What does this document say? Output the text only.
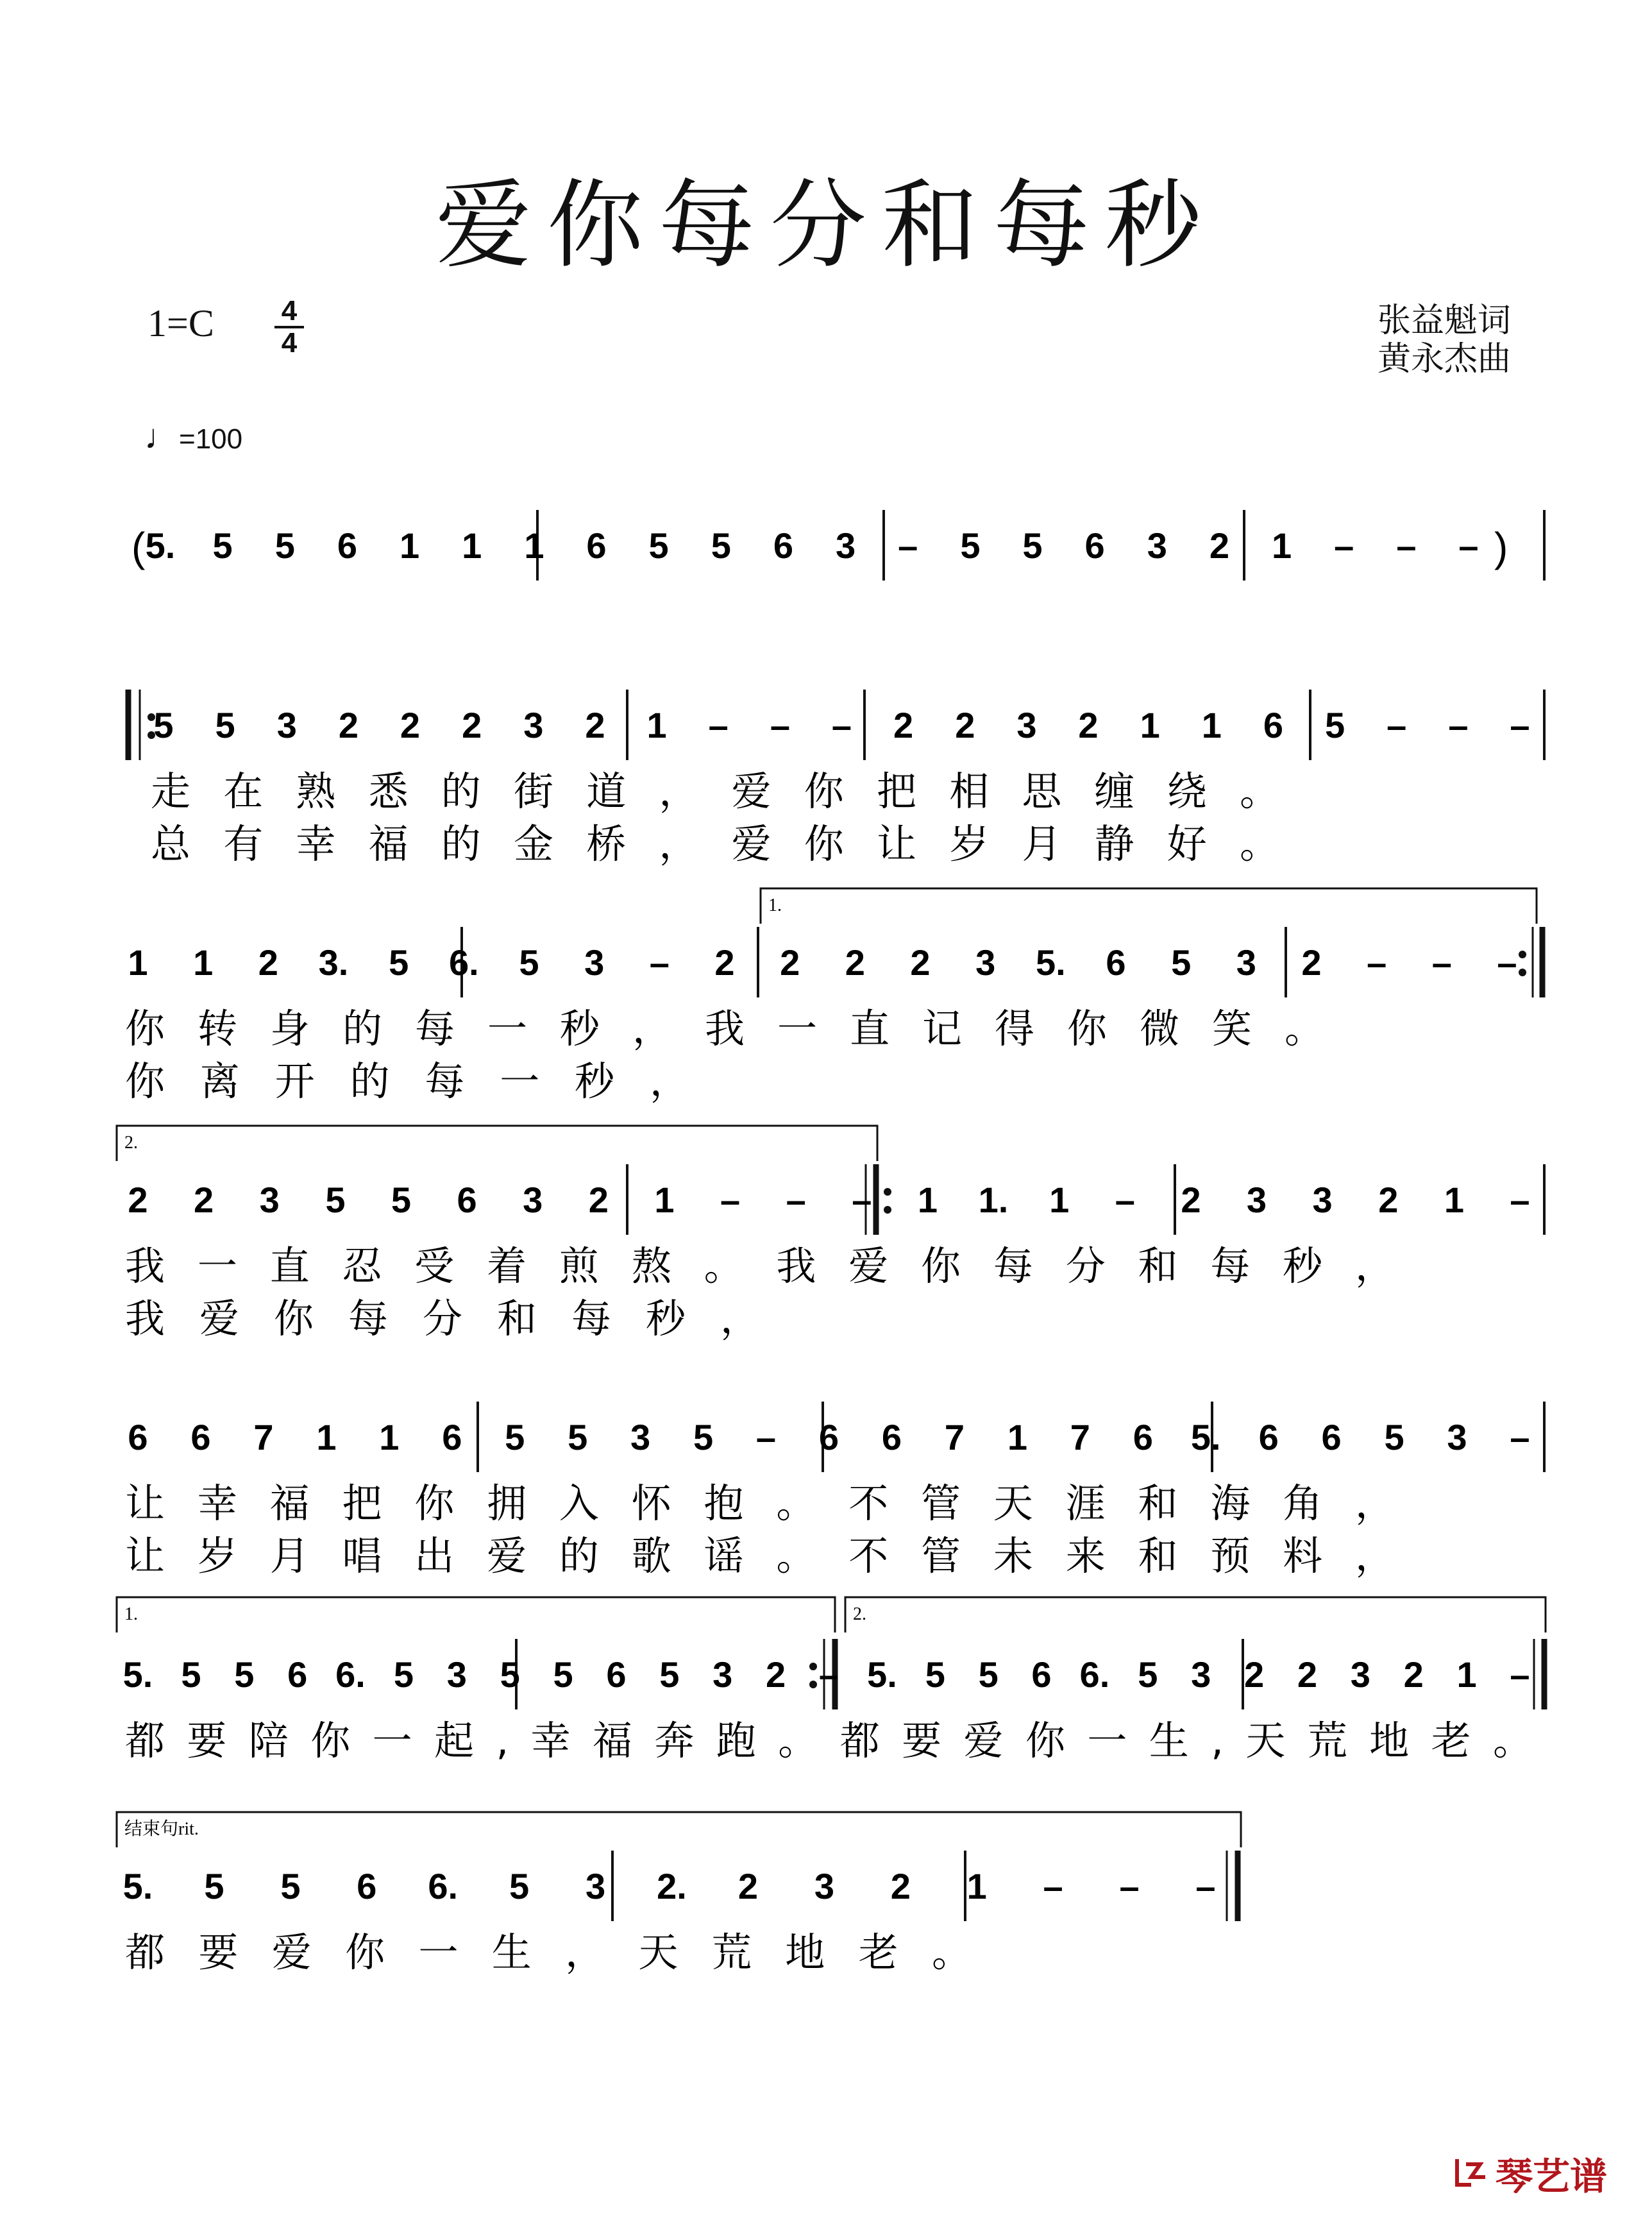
爱你每分和每秒
1=C 4
4
张益魁词
黄永杰曲
♩=100
1.
2.
1.	2.
结束句rit.
(	)
5. 5 5 6 1 1 1 6 5 5 6 3 – 5 5 6 3 2 1 – – –
5 5 3 2 2 2 3 2 1 – – – 2 2 3 2 1 1 6 5 – – –
1 1 2 3. 5 6. 5 3 – 2 2 2 2 3 5. 6 5 3 2 – – –
2 2 3 5 5 6 3 2 1 – – – 1 1. 1 – 2 3 3 2 1 –
6 6 7 1 1 6 5 5 3 5 – 6 6 7 1 7 6 5. 6 6 5 3 –
5. 5 5 6 6. 5 3 5 5 6 5 3 2 – 5. 5 5 6 6. 5 3 2 2 3 2 1 –
5. 5 5 6 6. 5 3 2. 2 3 2 1 – – –
走在熟悉的街道，爱你把相思缠绕。
总有幸福的金桥，爱你让岁月静好。
你转身的每一秒，我一直记得你微笑。
你离开的每一秒，
我一直忍受着煎熬。我爱你每分和每秒，
我爱你每分和每秒，
让幸福把你拥入怀抱。不管天涯和海角，
让岁月唱出爱的歌谣。不管未来和预料，
都要陪你一起,幸福奔跑。都要爱你一生,天荒地老。
都要爱你一生，天荒地老。
琴艺谱
